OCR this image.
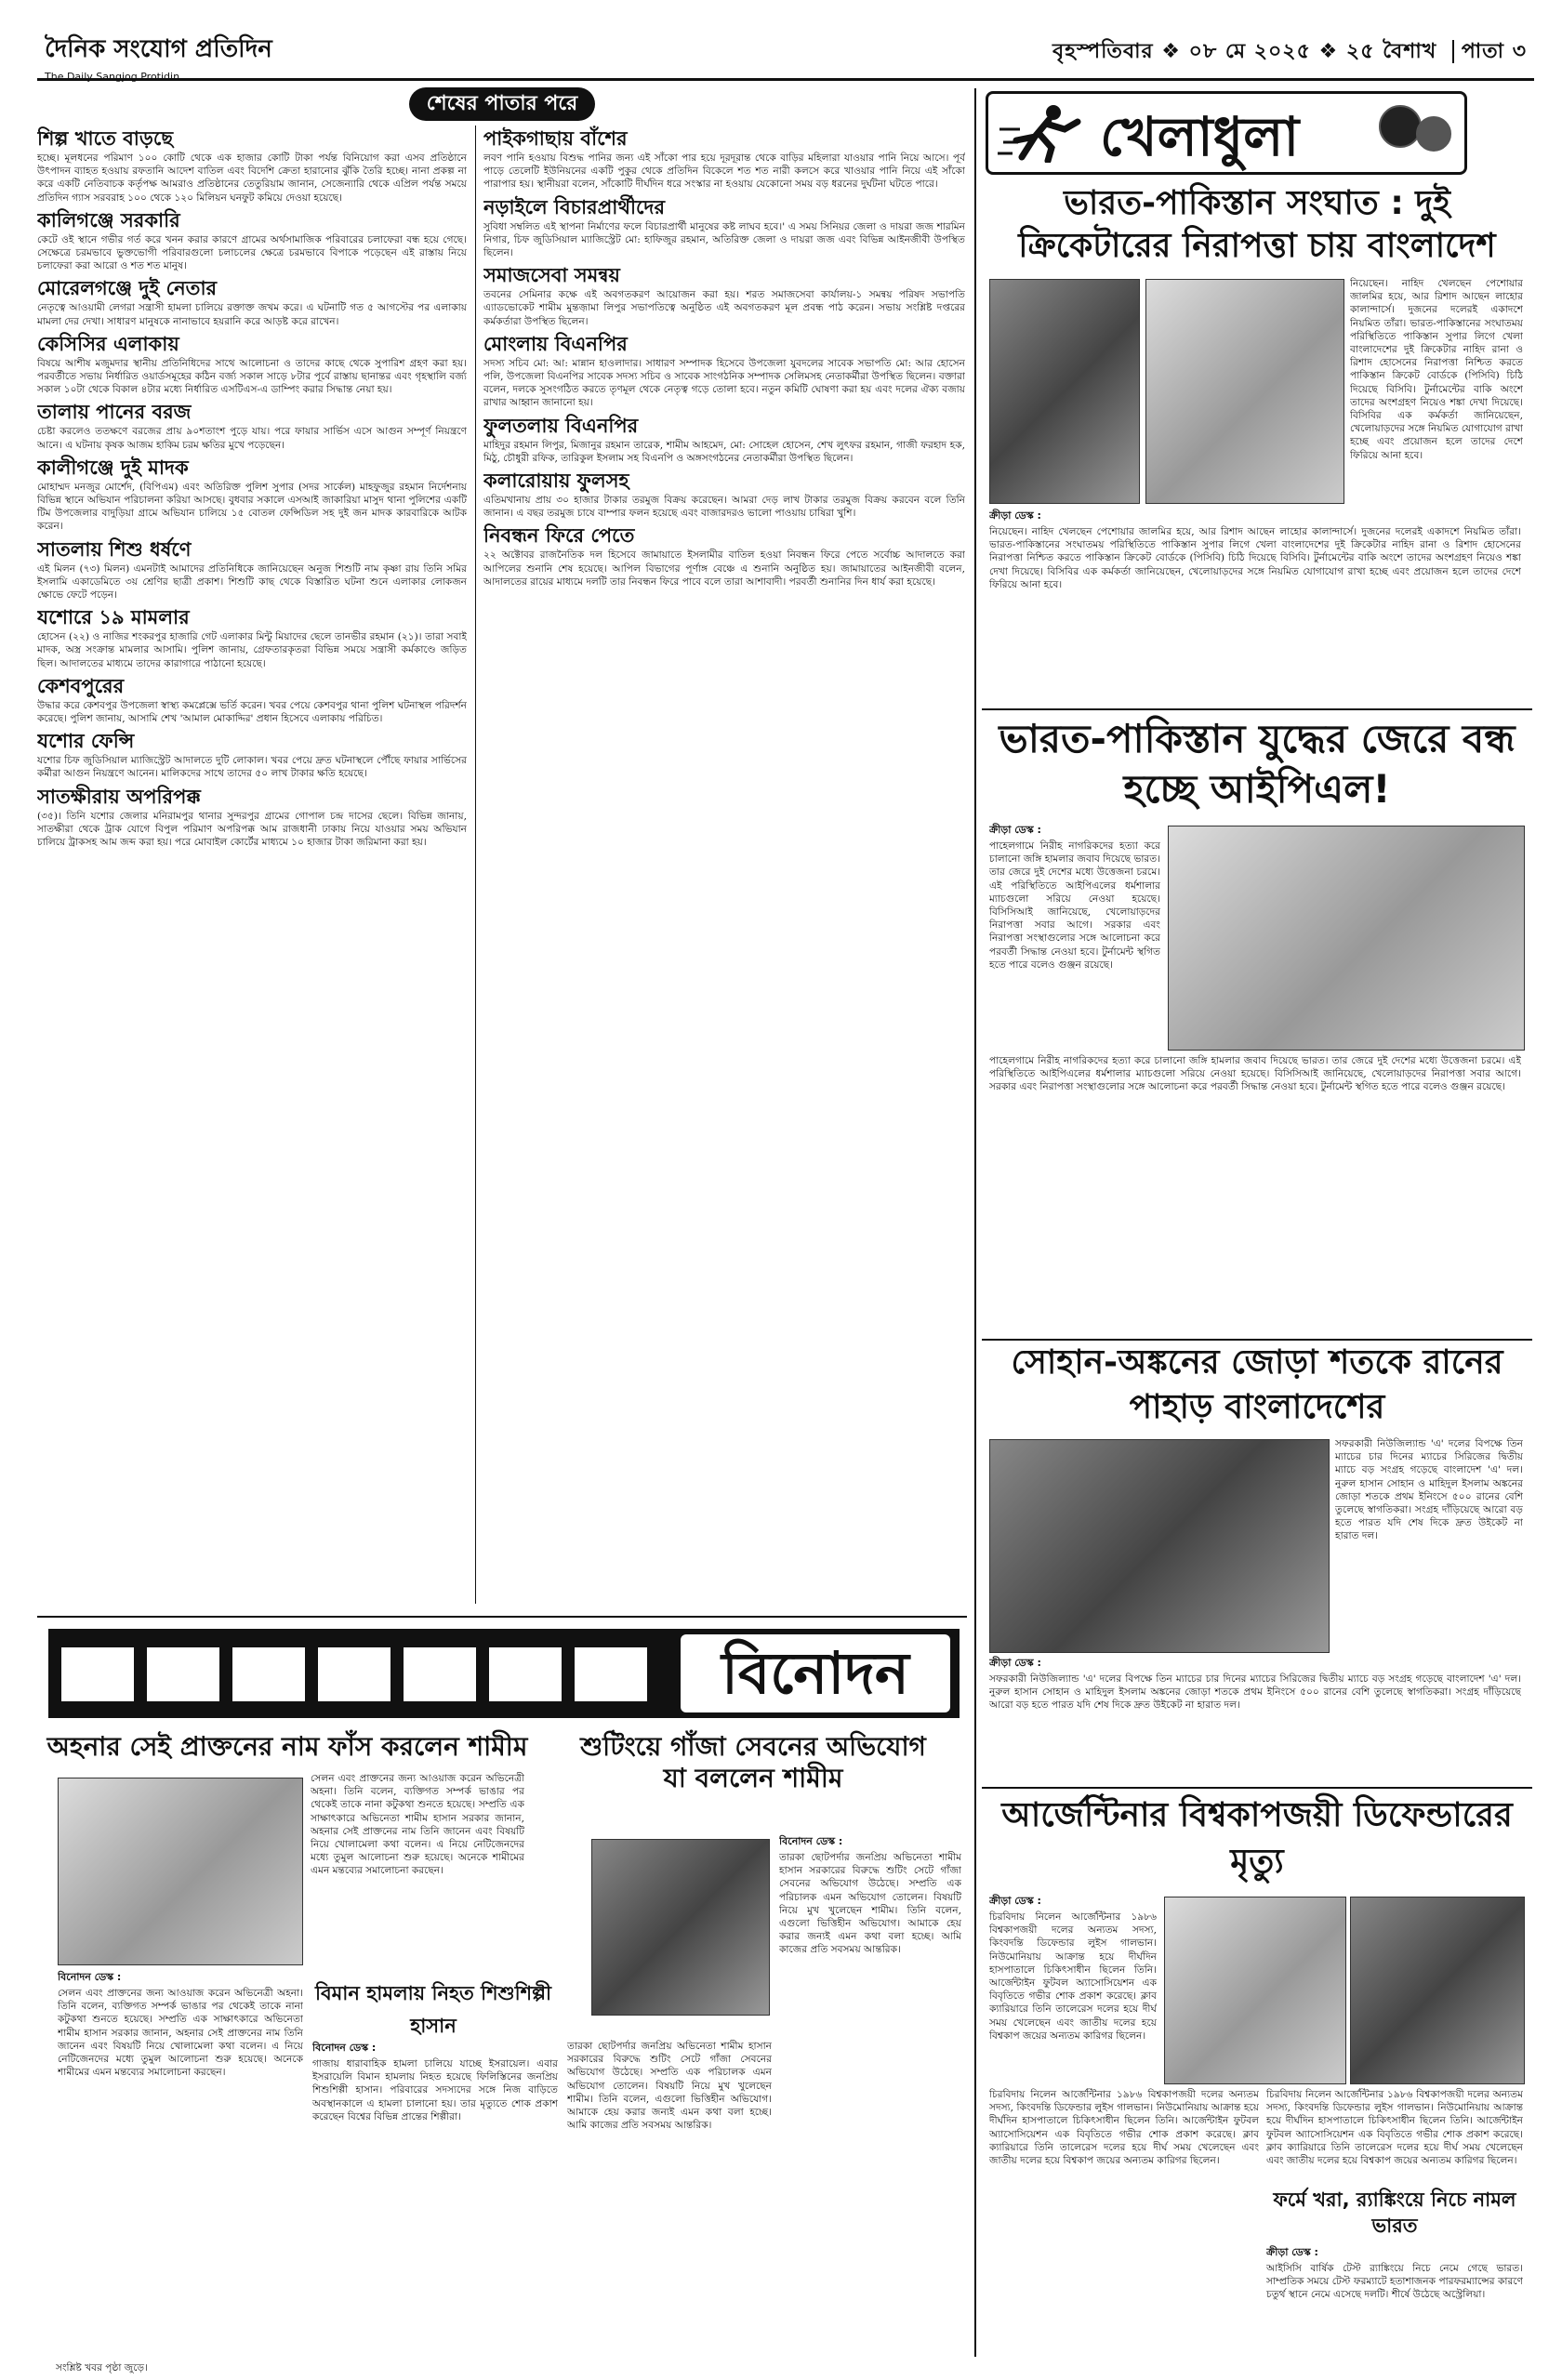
দৈনিক সংযোগ প্রতিদিন
The Daily Sangjog Protidin
বৃহস্পতিবার ❖ ০৮ মে ২০২৫ ❖ ২৫ বৈশাখ পাতা ৩
শেষের পাতার পরে
শিল্প খাতে বাড়ছে

হচ্ছে। মূলধনের পরিমাণ ১০০ কোটি থেকে এক হাজার কোটি টাকা পর্যন্ত বিনিয়োগ করা এসব প্রতিষ্ঠানে উৎপাদন ব্যাহত হওয়ায় রফতানি আদেশ বাতিল এবং বিদেশি ক্রেতা হারানোর ঝুঁকি তৈরি হচ্ছে। নানা প্রকল্প না করে একটি নেতিবাচক কর্তৃপক্ষ আমরাও প্রতিষ্ঠানের তেতুরিয়াম জানান, সেজেন্যারি থেকে এপ্রিল পর্যন্ত সময়ে প্রতিদিন গ্যাস সরবরাহ ১০০ থেকে ১২০ মিলিয়ন ঘনফুট কমিয়ে দেওয়া হয়েছে।

কালিগঞ্জে সরকারি

কেটে ওই স্থানে গভীর গর্ত করে খনন করার কারণে গ্রামের অর্থসামাজিক পরিবারের চলাফেরা বন্ধ হয়ে গেছে। সেক্ষেত্রে চরমভাবে ভুক্তভোগী পরিবারগুলো চলাচলের ক্ষেত্রে চরমভাবে বিপাকে পড়েছেন এই রাস্তায় নিয়ে চলাফেরা করা আরো ও শত শত মানুষ।

মোরেলগঞ্জে দুই নেতার

নেতৃত্বে আওয়ামী লেগরা সন্ত্রাসী হামলা চালিয়ে রক্তাক্ত জখম করে। এ ঘটনাটি গত ৫ আগস্টের পর এলাকায় মামলা দের দেখা। সাধারণ মানুষকে নানাভাবে হয়রানি করে আড়ষ্ট করে রাখেন।

কেসিসির এলাকায়

বিষয়ে আশীষ মজুমদার স্থানীয় প্রতিনিধিদের সাথে আলোচনা ও তাদের কাছে থেকে সুপারিশ গ্রহণ করা হয়। পরবর্তীতে সভায় নির্ধারিত ওয়ার্ডসমূহের কঠিন বর্জ্য সকাল সাড়ে ৮টার পূর্বে রাস্তায় ছানান্তর এবং গৃহস্থালি বর্জ্য সকাল ১০টা থেকে বিকাল ৪টার মধ্যে নির্ধারিত এসটিএস-এ ডাম্পিং করার সিদ্ধান্ত নেয়া হয়।

তালায় পানের বরজ

চেষ্টা করলেও ততক্ষণে বরজের প্রায় ৯০শতাংশ পুড়ে যায়। পরে ফায়ার সার্ভিস এসে আগুন সম্পূর্ণ নিয়ন্ত্রণে আনে। এ ঘটনায় কৃষক আজম হাকিম চরম ক্ষতির মুখে পড়েছেন।

কালীগঞ্জে দুই মাদক

মোহাম্মদ মনজুর মোর্শেদ, (বিপিএম) এবং অতিরিক্ত পুলিশ সুপার (সদর সার্কেল) মাহফুজুর রহমান নির্দেশনায় বিভিন্ন স্থানে অভিযান পরিচালনা করিয়া আসছে। বুধবার সকালে এসআই জাকারিয়া মাসুদ থানা পুলিশের একটি টিম উপজেলার বাদুড়িয়া গ্রামে অভিযান চালিয়ে ১৫ বোতল ফেন্সিডিল সহ দুই জন মাদক কারবারিকে আটক করেন।

সাতলায় শিশু ধর্ষণে

এই মিলন (৭৩) মিলন) এমনটাই আমাদের প্রতিনিধিকে জানিয়েছেন অনুজ শিশুটি নাম কৃষ্ণা রায় তিনি সমির ইসলামি একাডেমিতে ৩য় শ্রেণির ছাত্রী প্রকাশ। শিশুটি কাছ থেকে বিস্তারিত ঘটনা শুনে এলাকার লোকজন ক্ষোভে ফেটে পড়েন।

যশোরে ১৯ মামলার

হোসেন (২২) ও নাজির শংকরপুর হাজারি গেট এলাকার মিন্টু মিয়াদের ছেলে তানভীর রহমান (২১)। তারা সবাই মাদক, অস্ত্র সংক্রান্ত মামলার আসামি। পুলিশ জানায়, গ্রেফতারকৃতরা বিভিন্ন সময়ে সন্ত্রাসী কর্মকাণ্ডে জড়িত ছিল। আদালতের মাধ্যমে তাদের কারাগারে পাঠানো হয়েছে।

কেশবপুরের

উদ্ধার করে কেশবপুর উপজেলা স্বাস্থ্য কমপ্লেক্সে ভর্তি করেন। খবর পেয়ে কেশবপুর থানা পুলিশ ঘটনাস্থল পরিদর্শন করেছে। পুলিশ জানায়, আসামি শেখ 'আমাল মোকাদ্দির' প্রধান হিসেবে এলাকায় পরিচিত।

যশোর ফেন্সি

যশোর চিফ জুডিসিয়াল ম্যাজিস্ট্রেট আদালতে দুটি লোকাল। খবর পেয়ে দ্রুত ঘটনাস্থলে পৌঁছে ফায়ার সার্ভিসের কর্মীরা আগুন নিয়ন্ত্রণে আনেন। মালিকদের সাথে তাদের ৫০ লাখ টাকার ক্ষতি হয়েছে।

সাতক্ষীরায় অপরিপক্ক

(৩৫)। তিনি যশোর জেলার মনিরামপুর থানার সুন্দরপুর গ্রামের গোপাল চন্দ্র দাসের ছেলে। বিভিন্ন জানায়, সাতক্ষীরা থেকে ট্রাক যোগে বিপুল পরিমাণ অপরিপক্ক আম রাজধানী ঢাকায় নিয়ে যাওয়ার সময় অভিযান চালিয়ে ট্রাকসহ আম জব্দ করা হয়। পরে মোবাইল কোর্টের মাধ্যমে ১০ হাজার টাকা জরিমানা করা হয়।

পাইকগাছায় বাঁশের

লবণ পানি হওয়ায় বিশুদ্ধ পানির জন্য এই সাঁকো পার হয়ে দূরদূরান্ত থেকে বাড়ির মহিলারা যাওয়ার পানি নিয়ে আসে। পূর্ব পাড়ে তেলেটি ইউনিয়নের একটি পুকুর থেকে প্রতিদিন বিকেলে শত শত নারী কলসে করে খাওয়ার পানি নিয়ে এই সাঁকো পারাপার হয়। স্থানীয়রা বলেন, সাঁকোটি দীর্ঘদিন ধরে সংস্কার না হওয়ায় যেকোনো সময় বড় ধরনের দুর্ঘটনা ঘটতে পারে।

নড়াইলে বিচারপ্রার্থীদের

সুবিধা সম্বলিত এই স্থাপনা নির্মাণের ফলে বিচারপ্রার্থী মানুষের কষ্ট লাঘব হবে।' এ সময় সিনিয়র জেলা ও দায়রা জজ শারমিন নিগার, চিফ জুডিসিয়াল ম্যাজিস্ট্রেট মো: হাফিজুর রহমান, অতিরিক্ত জেলা ও দায়রা জজ এবং বিভিন্ন আইনজীবী উপস্থিত ছিলেন।

সমাজসেবা সমন্বয়

তবনের সেমিনার কক্ষে এই অবগতকরণ আয়োজন করা হয়। শরত সমাজসেবা কার্যালয়-১ সমন্বয় পরিষদ সভাপতি এ্যাডভোকেট শামীম মুন্তজ়ামা লিপুর সভাপতিত্বে অনুষ্ঠিত এই অবগতকরণ মূল প্রবন্ধ পাঠ করেন। সভায় সংশ্লিষ্ট দপ্তরের কর্মকর্তারা উপস্থিত ছিলেন।

মোংলায় বিএনপির

সদস্য সচিব মো: আ: মান্নান হাওলাদার। সাধারণ সম্পাদক হিসেবে উপজেলা যুবদলের সাবেক সভাপতি মো: আর হোসেন পলি, উপজেলা বিএনপির সাবেক সদস্য সচিব ও সাবেক সাংগঠনিক সম্পাদক সেলিমসহ নেতাকর্মীরা উপস্থিত ছিলেন। বক্তারা বলেন, দলকে সুসংগঠিত করতে তৃণমূল থেকে নেতৃত্ব গড়ে তোলা হবে। নতুন কমিটি ঘোষণা করা হয় এবং দলের ঐক্য বজায় রাখার আহ্বান জানানো হয়।

ফুলতলায় বিএনপির

মাহিদুর রহমান লিপুর, মিজানুর রহমান তারেক, শামীম আহমেদ, মো: সোহেল হোসেন, শেখ লুৎফর রহমান, গাজী ফরহাদ হক, মিঠু, চৌধুরী রফিক, তারিকুল ইসলাম সহ বিএনপি ও অঙ্গসংগঠনের নেতাকর্মীরা উপস্থিত ছিলেন।

কলারোয়ায় ফুলসহ

এতিমখানায় প্রায় ৩০ হাজার টাকার তরমুজ বিক্রয় করেছেন। আমরা দেড় লাখ টাকার তরমুজ বিক্রয় করবেন বলে তিনি জানান। এ বছর তরমুজ চাষে বাম্পার ফলন হয়েছে এবং বাজারদরও ভালো পাওয়ায় চাষিরা খুশি।

নিবন্ধন ফিরে পেতে

২২ অক্টোবর রাজনৈতিক দল হিসেবে জামায়াতে ইসলামীর বাতিল হওয়া নিবন্ধন ফিরে পেতে সর্বোচ্চ আদালতে করা আপিলের শুনানি শেষ হয়েছে। আপিল বিভাগের পূর্ণাঙ্গ বেঞ্চে এ শুনানি অনুষ্ঠিত হয়। জামায়াতের আইনজীবী বলেন, আদালতের রায়ের মাধ্যমে দলটি তার নিবন্ধন ফিরে পাবে বলে তারা আশাবাদী। পরবর্তী শুনানির দিন ধার্য করা হয়েছে।

বিনোদন
অহনার সেই প্রাক্তনের নাম ফাঁস করলেন শামীম

সেলন এবং প্রাক্তনের জন্য আওয়াজ করেন অভিনেত্রী অহনা। তিনি বলেন, ব্যক্তিগত সম্পর্ক ভাঙার পর থেকেই তাকে নানা কটুকথা শুনতে হয়েছে। সম্প্রতি এক সাক্ষাৎকারে অভিনেতা শামীম হাসান সরকার জানান, অহনার সেই প্রাক্তনের নাম তিনি জানেন এবং বিষয়টি নিয়ে খোলামেলা কথা বলেন। এ নিয়ে নেটিজেনদের মধ্যে তুমুল আলোচনা শুরু হয়েছে। অনেকে শামীমের এমন মন্তব্যের সমালোচনা করছেন।

বিনোদন ডেস্ক :

সেলন এবং প্রাক্তনের জন্য আওয়াজ করেন অভিনেত্রী অহনা। তিনি বলেন, ব্যক্তিগত সম্পর্ক ভাঙার পর থেকেই তাকে নানা কটুকথা শুনতে হয়েছে। সম্প্রতি এক সাক্ষাৎকারে অভিনেতা শামীম হাসান সরকার জানান, অহনার সেই প্রাক্তনের নাম তিনি জানেন এবং বিষয়টি নিয়ে খোলামেলা কথা বলেন। এ নিয়ে নেটিজেনদের মধ্যে তুমুল আলোচনা শুরু হয়েছে। অনেকে শামীমের এমন মন্তব্যের সমালোচনা করছেন।

শুটিংয়ে গাঁজা সেবনের অভিযোগ যা বললেন শামীম

বিনোদন ডেস্ক :

তারকা ছোটপর্দার জনপ্রিয় অভিনেতা শামীম হাসান সরকারের বিরুদ্ধে শুটিং সেটে গাঁজা সেবনের অভিযোগ উঠেছে। সম্প্রতি এক পরিচালক এমন অভিযোগ তোলেন। বিষয়টি নিয়ে মুখ খুলেছেন শামীম। তিনি বলেন, এগুলো ভিত্তিহীন অভিযোগ। আমাকে হেয় করার জন্যই এমন কথা বলা হচ্ছে। আমি কাজের প্রতি সবসময় আন্তরিক।

বিমান হামলায় নিহত শিশুশিল্পী হাসান

বিনোদন ডেস্ক :

গাজায় ধারাবাহিক হামলা চালিয়ে যাচ্ছে ইসরায়েল। এবার ইসরায়েলি বিমান হামলায় নিহত হয়েছে ফিলিস্তিনের জনপ্রিয় শিশুশিল্পী হাসান। পরিবারের সদস্যদের সঙ্গে নিজ বাড়িতে অবস্থানকালে এ হামলা চালানো হয়। তার মৃত্যুতে শোক প্রকাশ করেছেন বিশ্বের বিভিন্ন প্রান্তের শিল্পীরা।

তারকা ছোটপর্দার জনপ্রিয় অভিনেতা শামীম হাসান সরকারের বিরুদ্ধে শুটিং সেটে গাঁজা সেবনের অভিযোগ উঠেছে। সম্প্রতি এক পরিচালক এমন অভিযোগ তোলেন। বিষয়টি নিয়ে মুখ খুলেছেন শামীম। তিনি বলেন, এগুলো ভিত্তিহীন অভিযোগ। আমাকে হেয় করার জন্যই এমন কথা বলা হচ্ছে। আমি কাজের প্রতি সবসময় আন্তরিক।

সংশ্লিষ্ট খবর পৃষ্ঠা জুড়ে।

খেলাধুলা
ভারত-পাকিস্তান সংঘাত : দুই ক্রিকেটারের নিরাপত্তা চায় বাংলাদেশ

নিয়েছেন। নাহিদ খেলছেন পেশোয়ার জালমির হয়ে, আর রিশাদ আছেন লাহোর কালান্দার্সে। দুজনের দলেরই একাদশে নিয়মিত তাঁরা। ভারত-পাকিস্তানের সংঘাতময় পরিস্থিতিতে পাকিস্তান সুপার লিগে খেলা বাংলাদেশের দুই ক্রিকেটার নাহিদ রানা ও রিশাদ হোসেনের নিরাপত্তা নিশ্চিত করতে পাকিস্তান ক্রিকেট বোর্ডকে (পিসিবি) চিঠি দিয়েছে বিসিবি। টুর্নামেন্টের বাকি অংশে তাদের অংশগ্রহণ নিয়েও শঙ্কা দেখা দিয়েছে। বিসিবির এক কর্মকর্তা জানিয়েছেন, খেলোয়াড়দের সঙ্গে নিয়মিত যোগাযোগ রাখা হচ্ছে এবং প্রয়োজন হলে তাদের দেশে ফিরিয়ে আনা হবে।

ক্রীড়া ডেস্ক :

নিয়েছেন। নাহিদ খেলছেন পেশোয়ার জালমির হয়ে, আর রিশাদ আছেন লাহোর কালান্দার্সে। দুজনের দলেরই একাদশে নিয়মিত তাঁরা। ভারত-পাকিস্তানের সংঘাতময় পরিস্থিতিতে পাকিস্তান সুপার লিগে খেলা বাংলাদেশের দুই ক্রিকেটার নাহিদ রানা ও রিশাদ হোসেনের নিরাপত্তা নিশ্চিত করতে পাকিস্তান ক্রিকেট বোর্ডকে (পিসিবি) চিঠি দিয়েছে বিসিবি। টুর্নামেন্টের বাকি অংশে তাদের অংশগ্রহণ নিয়েও শঙ্কা দেখা দিয়েছে। বিসিবির এক কর্মকর্তা জানিয়েছেন, খেলোয়াড়দের সঙ্গে নিয়মিত যোগাযোগ রাখা হচ্ছে এবং প্রয়োজন হলে তাদের দেশে ফিরিয়ে আনা হবে।

ভারত-পাকিস্তান যুদ্ধের জেরে বন্ধ হচ্ছে আইপিএল!

ক্রীড়া ডেস্ক :

পাহেলগামে নিরীহ নাগরিকদের হত্যা করে চালানো জঙ্গি হামলার জবাব দিয়েছে ভারত। তার জেরে দুই দেশের মধ্যে উত্তেজনা চরমে। এই পরিস্থিতিতে আইপিএলের ধর্মশালার ম্যাচগুলো সরিয়ে নেওয়া হয়েছে। বিসিসিআই জানিয়েছে, খেলোয়াড়দের নিরাপত্তা সবার আগে। সরকার এবং নিরাপত্তা সংস্থাগুলোর সঙ্গে আলোচনা করে পরবর্তী সিদ্ধান্ত নেওয়া হবে। টুর্নামেন্ট স্থগিত হতে পারে বলেও গুঞ্জন রয়েছে।

পাহেলগামে নিরীহ নাগরিকদের হত্যা করে চালানো জঙ্গি হামলার জবাব দিয়েছে ভারত। তার জেরে দুই দেশের মধ্যে উত্তেজনা চরমে। এই পরিস্থিতিতে আইপিএলের ধর্মশালার ম্যাচগুলো সরিয়ে নেওয়া হয়েছে। বিসিসিআই জানিয়েছে, খেলোয়াড়দের নিরাপত্তা সবার আগে। সরকার এবং নিরাপত্তা সংস্থাগুলোর সঙ্গে আলোচনা করে পরবর্তী সিদ্ধান্ত নেওয়া হবে। টুর্নামেন্ট স্থগিত হতে পারে বলেও গুঞ্জন রয়েছে।

সোহান-অঙ্কনের জোড়া শতকে রানের পাহাড় বাংলাদেশের

সফরকারী নিউজিল্যান্ড 'এ' দলের বিপক্ষে তিন ম্যাচের চার দিনের ম্যাচের সিরিজের দ্বিতীয় ম্যাচে বড় সংগ্রহ গড়েছে বাংলাদেশ 'এ' দল। নুরুল হাসান সোহান ও মাহিদুল ইসলাম অঙ্কনের জোড়া শতকে প্রথম ইনিংসে ৫০০ রানের বেশি তুলেছে স্বাগতিকরা। সংগ্রহ দাঁড়িয়েছে আরো বড় হতে পারত যদি শেষ দিকে দ্রুত উইকেট না হারাত দল।

ক্রীড়া ডেস্ক :

সফরকারী নিউজিল্যান্ড 'এ' দলের বিপক্ষে তিন ম্যাচের চার দিনের ম্যাচের সিরিজের দ্বিতীয় ম্যাচে বড় সংগ্রহ গড়েছে বাংলাদেশ 'এ' দল। নুরুল হাসান সোহান ও মাহিদুল ইসলাম অঙ্কনের জোড়া শতকে প্রথম ইনিংসে ৫০০ রানের বেশি তুলেছে স্বাগতিকরা। সংগ্রহ দাঁড়িয়েছে আরো বড় হতে পারত যদি শেষ দিকে দ্রুত উইকেট না হারাত দল।

আর্জেন্টিনার বিশ্বকাপজয়ী ডিফেন্ডারের মৃত্যু

ক্রীড়া ডেস্ক :

চিরবিদায় নিলেন আর্জেন্টিনার ১৯৮৬ বিশ্বকাপজয়ী দলের অন্যতম সদস্য, কিংবদন্তি ডিফেন্ডার লুইস গালভান। নিউমোনিয়ায় আক্রান্ত হয়ে দীর্ঘদিন হাসপাতালে চিকিৎসাধীন ছিলেন তিনি। আর্জেন্টাইন ফুটবল অ্যাসোসিয়েশন এক বিবৃতিতে গভীর শোক প্রকাশ করেছে। ক্লাব ক্যারিয়ারে তিনি তালেরেস দলের হয়ে দীর্ঘ সময় খেলেছেন এবং জাতীয় দলের হয়ে বিশ্বকাপ জয়ের অন্যতম কারিগর ছিলেন।

চিরবিদায় নিলেন আর্জেন্টিনার ১৯৮৬ বিশ্বকাপজয়ী দলের অন্যতম সদস্য, কিংবদন্তি ডিফেন্ডার লুইস গালভান। নিউমোনিয়ায় আক্রান্ত হয়ে দীর্ঘদিন হাসপাতালে চিকিৎসাধীন ছিলেন তিনি। আর্জেন্টাইন ফুটবল অ্যাসোসিয়েশন এক বিবৃতিতে গভীর শোক প্রকাশ করেছে। ক্লাব ক্যারিয়ারে তিনি তালেরেস দলের হয়ে দীর্ঘ সময় খেলেছেন এবং জাতীয় দলের হয়ে বিশ্বকাপ জয়ের অন্যতম কারিগর ছিলেন।

চিরবিদায় নিলেন আর্জেন্টিনার ১৯৮৬ বিশ্বকাপজয়ী দলের অন্যতম সদস্য, কিংবদন্তি ডিফেন্ডার লুইস গালভান। নিউমোনিয়ায় আক্রান্ত হয়ে দীর্ঘদিন হাসপাতালে চিকিৎসাধীন ছিলেন তিনি। আর্জেন্টাইন ফুটবল অ্যাসোসিয়েশন এক বিবৃতিতে গভীর শোক প্রকাশ করেছে। ক্লাব ক্যারিয়ারে তিনি তালেরেস দলের হয়ে দীর্ঘ সময় খেলেছেন এবং জাতীয় দলের হয়ে বিশ্বকাপ জয়ের অন্যতম কারিগর ছিলেন।

ফর্মে খরা, র‍্যাঙ্কিংয়ে নিচে নামল ভারত

ক্রীড়া ডেস্ক :

আইসিসি বার্ষিক টেস্ট র‍্যাঙ্কিংয়ে নিচে নেমে গেছে ভারত। সাম্প্রতিক সময়ে টেস্ট ফরম্যাটে হতাশাজনক পারফরম্যান্সের কারণে চতুর্থ স্থানে নেমে এসেছে দলটি। শীর্ষে উঠেছে অস্ট্রেলিয়া।
